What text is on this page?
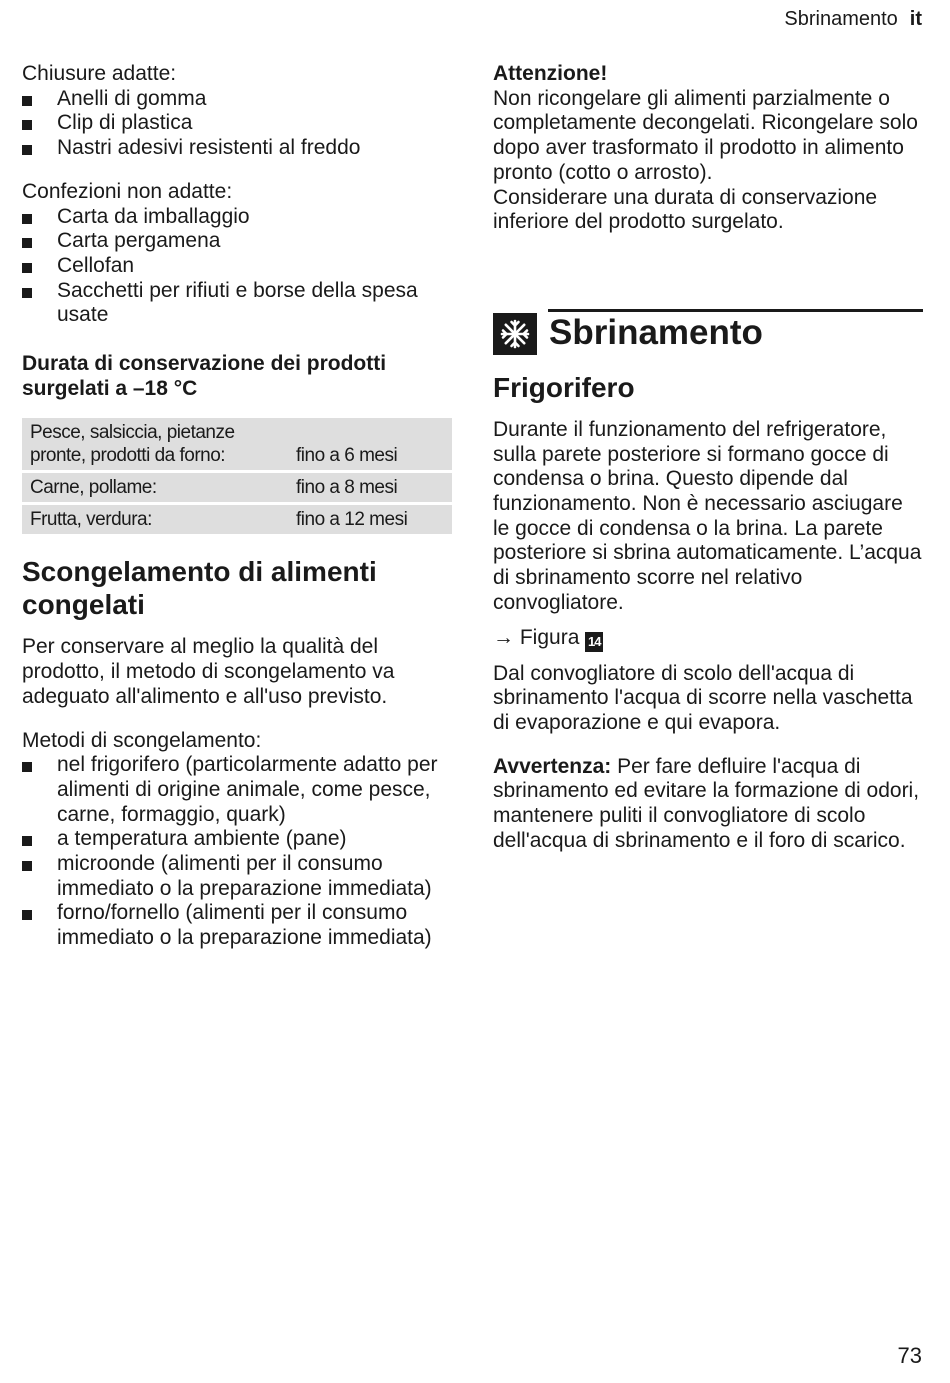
Sbrinamento it

Chiusure adatte:

Anelli di gomma
Clip di plastica
Nastri adesivi resistenti al freddo

Confezioni non adatte:

Carta da imballaggio
Carta pergamena
Cellofan
Sacchetti per rifiuti e borse della spesa usate

Durata di conservazione dei prodotti surgelati a –18 °C

Pesce, salsiccia, pietanze pronte, prodotti da forno:	fino a 6 mesi
Carne, pollame:	fino a 8 mesi
Frutta, verdura:	fino a 12 mesi
Scongelamento di alimenti congelati

Per conservare al meglio la qualità del prodotto, il metodo di scongelamento va adeguato all'alimento e all'uso previsto.

Metodi di scongelamento:

nel frigorifero (particolarmente adatto per alimenti di origine animale, come pesce, carne, formaggio, quark)
a temperatura ambiente (pane)
microonde (alimenti per il consumo immediato o la preparazione immediata)
forno/fornello (alimenti per il consumo immediato o la preparazione immediata)

Attenzione!

Non ricongelare gli alimenti parzialmente o completamente decongelati. Ricongelare solo dopo aver trasformato il prodotto in alimento pronto (cotto o arrosto).

Considerare una durata di conservazione inferiore del prodotto surgelato.

Sbrinamento
Frigorifero

Durante il funzionamento del refrigeratore, sulla parete posteriore si formano gocce di condensa o brina. Questo dipende dal funzionamento. Non è necessario asciugare le gocce di condensa o la brina. La parete posteriore si sbrina automaticamente. L’acqua di sbrinamento scorre nel relativo convogliatore.

→ Figura 14

Dal convogliatore di scolo dell'acqua di sbrinamento l'acqua di scorre nella vaschetta di evaporazione e qui evapora.

Avvertenza: Per fare defluire l'acqua di sbrinamento ed evitare la formazione di odori, mantenere puliti il convogliatore di scolo dell'acqua di sbrinamento e il foro di scarico.

73
